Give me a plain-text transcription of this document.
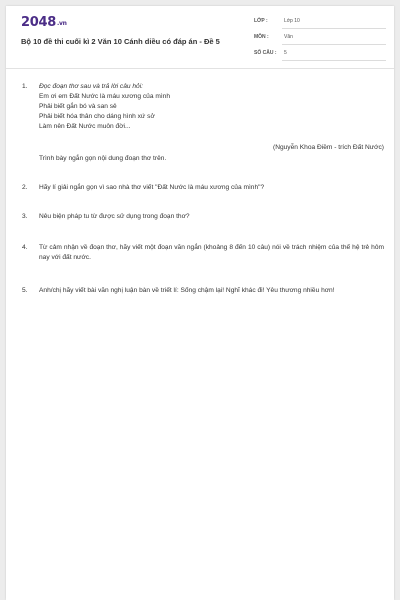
2048.vn
Bộ 10 đề thi cuối kì 2 Văn 10 Cánh diều có đáp án - Đề 5
LỚP :	Lớp 10
MÔN :	Văn
SỐ CÂU : 5
1.	Đọc đoạn thơ sau và trả lời câu hỏi:
Em ơi em Đất Nước là máu xương của mình
Phải biết gắn bó và san sẻ
Phải biết hóa thân cho dáng hình xứ sở
Làm nên Đất Nước muôn đời...
(Nguyễn Khoa Điềm - trích Đất Nước)
Trình bày ngắn gọn nội dung đoạn thơ trên.
2.	Hãy lí giải ngắn gọn vì sao nhà thơ viết "Đất Nước là máu xương của mình"?
3.	Nêu biện pháp tu từ được sử dụng trong đoạn thơ?
4.	Từ cảm nhận về đoạn thơ, hãy viết một đoạn văn ngắn (khoảng 8 đến 10 câu) nói về trách nhiệm của thế hệ trẻ hôm nay với đất nước.
5.	Anh/chị hãy viết bài văn nghị luận bàn về triết lí: Sống chậm lại! Nghĩ khác đi! Yêu thương nhiều hơn!
